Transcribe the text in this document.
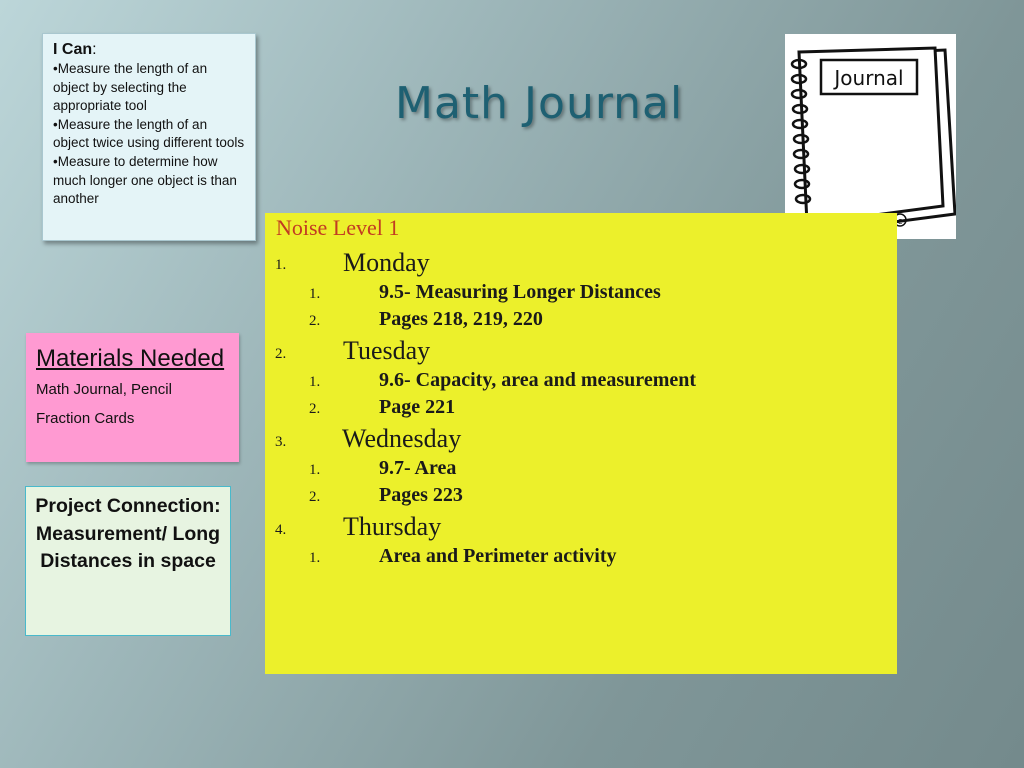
I Can:
•Measure the length of an object by selecting the appropriate tool
•Measure the length of an object twice using different tools
•Measure to determine how much longer one object is than another
Math Journal	Journal
c
Materials Needed
Math Journal, Pencil
Fraction Cards
Project Connection: Measurement/ Long Distances in space
Noise Level 1
1. Monday
1.	9.5- Measuring Longer Distances
2.	Pages 218, 219, 220
2. Tuesday
1.	9.6- Capacity, area and measurement
2.	Page 221
3. Wednesday
1.	9.7- Area
2.	Pages 223
4. Thursday
1.	Area and Perimeter activity
